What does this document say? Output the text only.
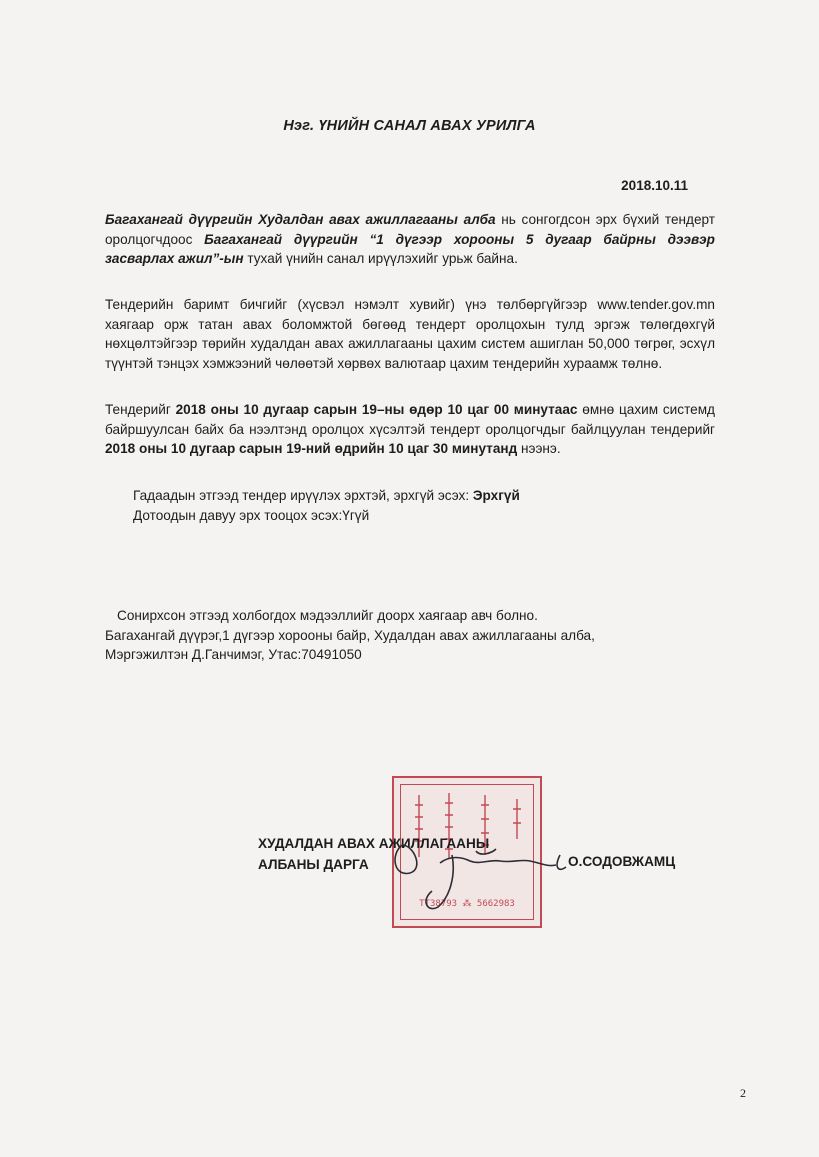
Нэг. ҮНИЙН САНАЛ АВАХ УРИЛГА
2018.10.11
Багахангай дүүргийн Худалдан авах ажиллагааны алба нь сонгогдсон эрх бүхий тендерт оролцогчдоос Багахангай дүүргийн “1 дүгээр хорооны 5 дугаар байрны дээвэр засварлах ажил”-ын тухай үнийн санал ирүүлэхийг урьж байна.
Тендерийн баримт бичгийг (хүсвэл нэмэлт хувийг) үнэ төлбөргүйгээр www.tender.gov.mn хаягаар орж татан авах боломжтой бөгөөд тендерт оролцохын тулд эргэж төлөгдөхгүй нөхцөлтэйгээр төрийн худалдан авах ажиллагааны цахим систем ашиглан 50,000 төгрөг, эсхүл түүнтэй тэнцэх хэмжээний чөлөөтэй хөрвөх валютаар цахим тендерийн хураамж төлнө.
Тендерийг 2018 оны 10 дугаар сарын 19–ны өдөр 10 цаг 00 минутаас өмнө цахим системд байршуулсан байх ба нээлтэнд оролцох хүсэлтэй тендерт оролцогчдыг байлцуулан тендерийг 2018 оны 10 дугаар сарын 19-ний өдрийн 10 цаг 30 минутанд нээнэ.
Гадаадын этгээд тендер ирүүлэх эрхтэй, эрхгүй эсэх: Эрхгүй
Дотоодын давуу эрх тооцох эсэх:Үгүй
Сонирхсон этгээд холбогдох мэдээллийг доорх хаягаар авч болно.
Багахангай дүүрэг,1 дүгээр хорооны байр, Худалдан авах ажиллагааны алба,
Мэргэжилтэн Д.Ганчимэг, Утас:70491050
ТТ38793 ⁂ 5662983
ХУДАЛДАН АВАХ АЖИЛЛАГААНЫ
АЛБАНЫ ДАРГА	О.СОДОВЖАМЦ
2
